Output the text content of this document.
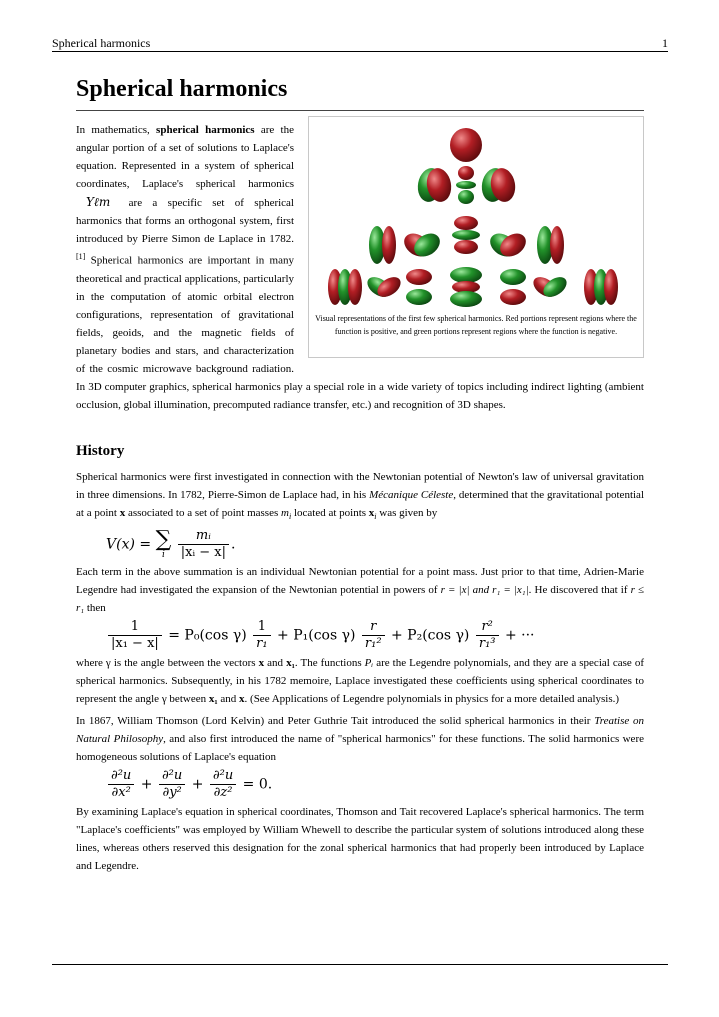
Spherical harmonics	1
Spherical harmonics
Visual representations of the first few spherical harmonics. Red portions represent regions where the function is positive, and green portions represent regions where the function is negative.

In mathematics, spherical harmonics are the angular portion of a set of solutions to Laplace's equation. Represented in a system of spherical coordinates, Laplace's spherical harmonics Yℓm are a specific set of spherical harmonics that forms an orthogonal system, first introduced by Pierre Simon de Laplace in 1782.[1] Spherical harmonics are important in many theoretical and practical applications, particularly in the computation of atomic orbital electron configurations, representation of gravitational fields, geoids, and the magnetic fields of planetary bodies and stars, and characterization of the cosmic microwave background radiation. In 3D computer graphics, spherical harmonics play a special role in a wide variety of topics including indirect lighting (ambient occlusion, global illumination, precomputed radiance transfer, etc.) and recognition of 3D shapes.

History

Spherical harmonics were first investigated in connection with the Newtonian potential of Newton's law of universal gravitation in three dimensions. In 1782, Pierre-Simon de Laplace had, in his Mécanique Céleste, determined that the gravitational potential at a point x associated to a set of point masses $m_i$ located at points $x_i$ was given by

V(x) = ∑
i
$\frac{\text{mᵢ}}{\text{|xᵢ − x|}}$ .

Each term in the above summation is an individual Newtonian potential for a point mass. Just prior to that time, Adrien-Marie Legendre had investigated the expansion of the Newtonian potential in powers of r = |x| and r₁ = |x₁|. He discovered that if r ≤ r₁ then

$\frac{1}{\text{|x₁ − x|}} = P_0(\cos$ $\gamma) \frac{1}{\text{r₁}} + P_1(\cos$ $\gamma) \frac{r}{\text{r₁²}} + P_2(\cos$ $\gamma) \frac{\text{r²}}{\text{r₁³}}$ + ···

where γ is the angle between the vectors x and x₁. The functions Pᵢ are the Legendre polynomials, and they are a special case of spherical harmonics. Subsequently, in his 1782 memoire, Laplace investigated these coefficients using spherical coordinates to represent the angle γ between x₁ and x. (See Applications of Legendre polynomials in physics for a more detailed analysis.)

In 1867, William Thomson (Lord Kelvin) and Peter Guthrie Tait introduced the solid spherical harmonics in their Treatise on Natural Philosophy, and also first introduced the name of "spherical harmonics" for these functions. The solid harmonics were homogeneous solutions of Laplace's equation

$\frac{\text{∂²u}}{\text{∂x²}} + \frac{\text{∂²u}}{\text{∂y²}} + \frac{\text{∂²u}}{\text{∂z²}} = 0$.

By examining Laplace's equation in spherical coordinates, Thomson and Tait recovered Laplace's spherical harmonics. The term "Laplace's coefficients" was employed by William Whewell to describe the particular system of solutions introduced along these lines, whereas others reserved this designation for the zonal spherical harmonics that had properly been introduced by Laplace and Legendre.
